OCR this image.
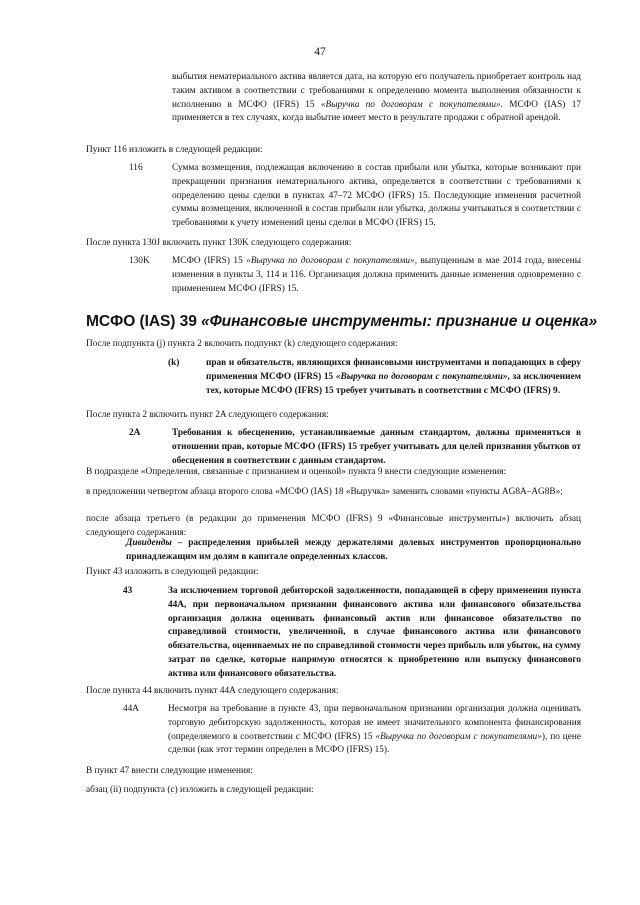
47
выбытия нематериального актива является дата, на которую его получатель приобретает контроль над таким активом в соответствии с требованиями к определению момента выполнения обязанности к исполнению в МСФО (IFRS) 15 «Выручка по договорам с покупателями». МСФО (IAS) 17 применяется в тех случаях, когда выбытие имеет место в результате продажи с обратной арендой.
Пункт 116 изложить в следующей редакции:
116	Сумма возмещения, подлежащая включению в состав прибыли или убытка, которые возникают при прекращении признания нематериального актива, определяется в соответствии с требованиями к определению цены сделки в пунктах 47–72 МСФО (IFRS) 15. Последующие изменения расчетной суммы возмещения, включенной в состав прибыли или убытка, должны учитываться в соответствии с требованиями к учету изменений цены сделки в МСФО (IFRS) 15.
После пункта 130J включить пункт 130K следующего содержания:
130K МСФО (IFRS) 15 «Выручка по договорам с покупателями», выпущенным в мае 2014 года, внесены изменения в пункты 3, 114 и 116. Организация должна применить данные изменения одновременно с применением МСФО (IFRS) 15.
МСФО (IAS) 39 «Финансовые инструменты: признание и оценка»
После подпункта (j) пункта 2 включить подпункт (k) следующего содержания:
(k)	прав и обязательств, являющихся финансовыми инструментами и попадающих в сферу применения МСФО (IFRS) 15 «Выручка по договорам с покупателями», за исключением тех, которые МСФО (IFRS) 15 требует учитывать в соответствии с МСФО (IFRS) 9.
После пункта 2 включить пункт 2A следующего содержания:
2A	Требования к обесценению, устанавливаемые данным стандартом, должны применяться в отношении прав, которые МСФО (IFRS) 15 требует учитывать для целей признания убытков от обесценения в соответствии с данным стандартом.
В подразделе «Определения, связанные с признанием и оценкой» пункта 9 внести следующие изменения:
в предложении четвертом абзаца второго слова «МСФО (IAS) 18 «Выручка» заменить словами «пункты AG8A–AG8B»;
после абзаца третьего (в редакции до применения МСФО (IFRS) 9 «Финансовые инструменты») включить абзац следующего содержания:
Дивиденды – распределения прибылей между держателями долевых инструментов пропорционально принадлежащим им долям в капитале определенных классов.
Пункт 43 изложить в следующей редакции:
43	За исключением торговой дебиторской задолженности, попадающей в сферу применения пункта 44А, при первоначальном признании финансового актива или финансового обязательства организация должна оценивать финансовый актив или финансовое обязательство по справедливой стоимости, увеличенной, в случае финансового актива или финансового обязательства, оцениваемых не по справедливой стоимости через прибыль или убыток, на сумму затрат по сделке, которые напрямую относятся к приобретению или выпуску финансового актива или финансового обязательства.
После пункта 44 включить пункт 44А следующего содержания:
44А	Несмотря на требование в пункте 43, при первоначальном признании организация должна оценивать торговую дебиторскую задолженность, которая не имеет значительного компонента финансирования (определяемого в соответствии с МСФО (IFRS) 15 «Выручка по договорам с покупателями»), по цене сделки (как этот термин определен в МСФО (IFRS) 15).
В пункт 47 внести следующие изменения:
абзац (ii) подпункта (c) изложить в следующей редакции:
